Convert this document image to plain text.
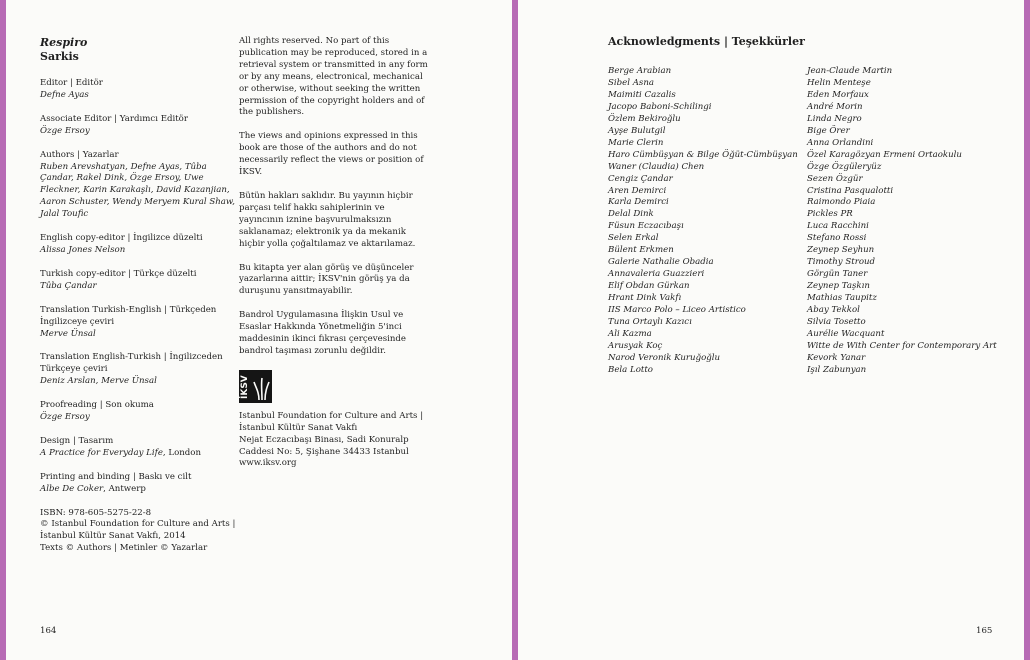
Respiro
Sarkis
Editor | Editör
Defne Ayas
Associate Editor | Yardımcı Editör
Özge Ersoy
Authors | Yazarlar
Ruben Arevshatyan, Defne Ayas, Tûba Çandar, Rakel Dink, Özge Ersoy, Uwe Fleckner, Karin Karakaşlı, David Kazanjian, Aaron Schuster, Wendy Meryem Kural Shaw, Jalal Toufic
English copy-editor | İngilizce düzelti
Alissa Jones Nelson
Turkish copy-editor | Türkçe düzelti
Tûba Çandar
Translation Turkish-English | Türkçeden İngilizceye çeviri
Merve Ünsal
Translation English-Turkish | İngilizceden Türkçeye çeviri
Deniz Arslan, Merve Ünsal
Proofreading | Son okuma
Özge Ersoy
Design | Tasarım
A Practice for Everyday Life, London
Printing and binding | Baskı ve cilt
Albe De Coker, Antwerp
ISBN: 978-605-5275-22-8
© Istanbul Foundation for Culture and Arts |
İstanbul Kültür Sanat Vakfı, 2014
Texts © Authors | Metinler © Yazarlar

All rights reserved. No part of this publication may be reproduced, stored in a retrieval system or transmitted in any form or by any means, electronical, mechanical or otherwise, without seeking the written permission of the copyright holders and of the publishers.

The views and opinions expressed in this book are those of the authors and do not necessarily reflect the views or position of İKSV.

Bütün hakları saklıdır. Bu yayının hiçbir parçası telif hakkı sahiplerinin ve yayıncının iznine başvurulmaksızın saklanamaz; elektronik ya da mekanik hiçbir yolla çoğaltılamaz ve aktarılamaz.

Bu kitapta yer alan görüş ve düşünceler yazarlarına aittir; İKSV'nin görüş ya da duruşunu yansıtmayabilir.

Bandrol Uygulamasına İlişkin Usul ve Esaslar Hakkında Yönetmeliğin 5'inci maddesinin ikinci fıkrası çerçevesinde bandrol taşıması zorunlu değildir.

İKSV
Istanbul Foundation for Culture and Arts |
İstanbul Kültür Sanat Vakfı
Nejat Eczacıbaşı Binası, Sadi Konuralp
Caddesi No: 5, Şişhane 34433 Istanbul
www.iksv.org
164
Acknowledgments | Teşekkürler
Berge Arabian
Sibel Asna
Maimiti Cazalis
Jacopo Baboni-Schilingi
Özlem Bekiroğlu
Ayşe Bulutgil
Marie Clerin
Haro Cümbüşyan & Bilge Öğüt-Cümbüşyan
Waner (Claudia) Chen
Cengiz Çandar
Aren Demirci
Karla Demirci
Delal Dink
Füsun Eczacıbaşı
Selen Erkal
Bülent Erkmen
Galerie Nathalie Obadia
Annavaleria Guazzieri
Elif Obdan Gürkan
Hrant Dink Vakfı
IIS Marco Polo – Liceo Artistico
Tuna Ortaylı Kazıcı
Ali Kazma
Arusyak Koç
Narod Veronik Kuruğoğlu
Bela Lotto
Jean-Claude Martin
Helin Menteşe
Eden Morfaux
André Morin
Linda Negro
Bige Örer
Anna Orlandini
Özel Karagözyan Ermeni Ortaokulu
Özge Özgüleryüz
Sezen Özgür
Cristina Pasqualotti
Raimondo Piaia
Pickles PR
Luca Racchini
Stefano Rossi
Zeynep Seyhun
Timothy Stroud
Görgün Taner
Zeynep Taşkın
Mathias Taupitz
Abay Tekkol
Silvia Tosetto
Aurélie Wacquant
Witte de With Center for Contemporary Art
Kevork Yanar
Işıl Zabunyan
165
